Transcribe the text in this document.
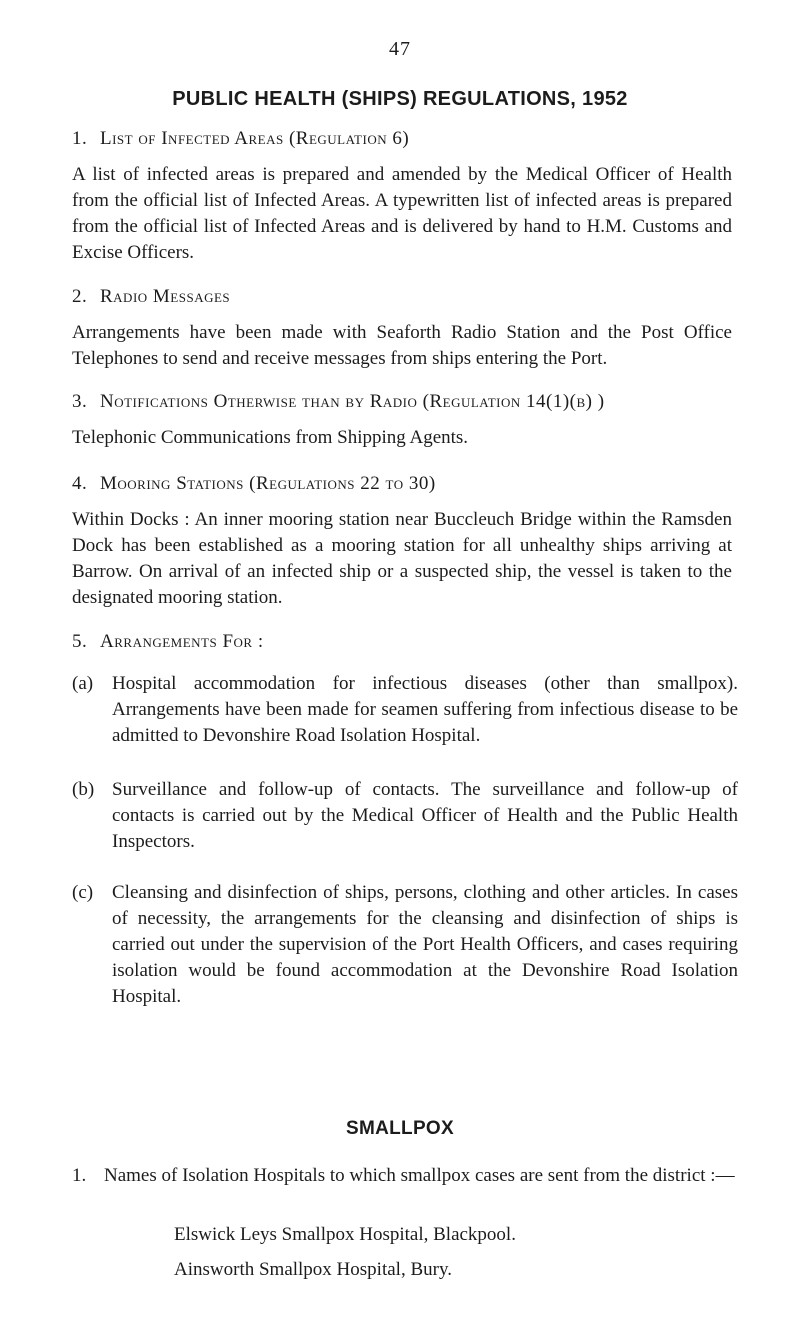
47
PUBLIC HEALTH (SHIPS) REGULATIONS, 1952
1. List of Infected Areas (Regulation 6)
A list of infected areas is prepared and amended by the Medical Officer of Health from the official list of Infected Areas. A typewritten list of infected areas is prepared from the official list of Infected Areas and is delivered by hand to H.M. Customs and Excise Officers.
2. Radio Messages
Arrangements have been made with Seaforth Radio Station and the Post Office Telephones to send and receive messages from ships entering the Port.
3. Notifications Otherwise than by Radio (Regulation 14(1)(b) )
Telephonic Communications from Shipping Agents.
4. Mooring Stations (Regulations 22 to 30)
Within Docks : An inner mooring station near Buccleuch Bridge within the Ramsden Dock has been established as a mooring station for all unhealthy ships arriving at Barrow. On arrival of an infected ship or a suspected ship, the vessel is taken to the designated mooring station.
5. Arrangements For :
(a) Hospital accommodation for infectious diseases (other than smallpox). Arrangements have been made for seamen suffering from infectious disease to be admitted to Devonshire Road Isolation Hospital.
(b) Surveillance and follow-up of contacts. The surveillance and follow-up of contacts is carried out by the Medical Officer of Health and the Public Health Inspectors.
(c) Cleansing and disinfection of ships, persons, clothing and other articles. In cases of necessity, the arrangements for the cleansing and disinfection of ships is carried out under the supervision of the Port Health Officers, and cases requiring isolation would be found accommodation at the Devonshire Road Isolation Hospital.
SMALLPOX
1. Names of Isolation Hospitals to which smallpox cases are sent from the district :—
Elswick Leys Smallpox Hospital, Blackpool.
Ainsworth Smallpox Hospital, Bury.
